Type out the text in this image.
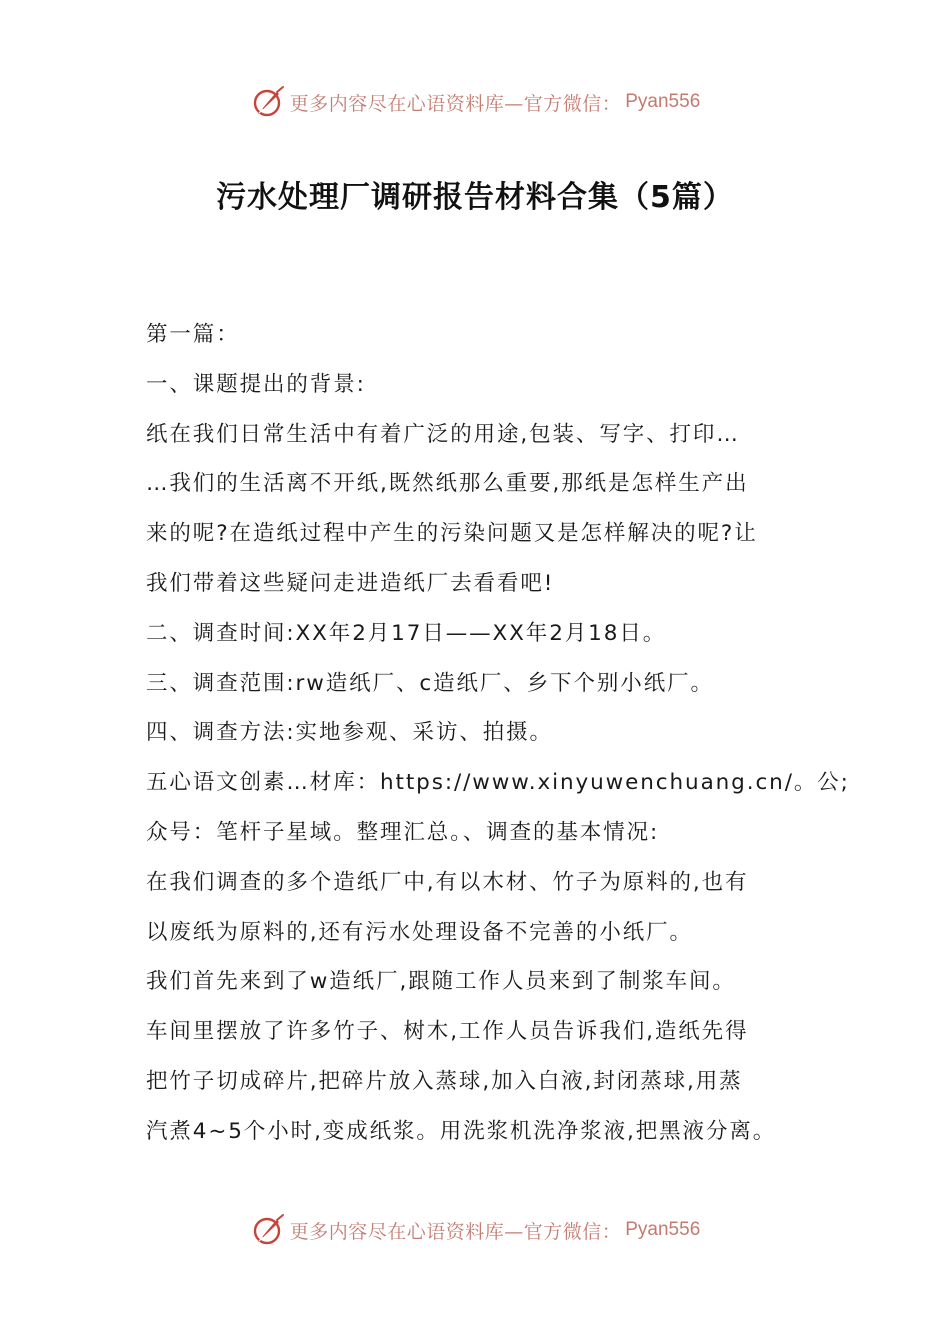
更多内容尽在心语资料库—官方微信： Pyan556
污水处理厂调研报告材料合集（5篇）
第一篇：
一、课题提出的背景:
纸在我们日常生活中有着广泛的用途,包装、写字、打印…
…我们的生活离不开纸,既然纸那么重要,那纸是怎样生产出
来的呢?在造纸过程中产生的污染问题又是怎样解决的呢?让
我们带着这些疑问走进造纸厂去看看吧!
二、调查时间:XX年2月17日——XX年2月18日。
三、调查范围:rw造纸厂、c造纸厂、乡下个别小纸厂。
四、调查方法:实地参观、采访、拍摄。
五心语文创素…材库：https://www.xinyuwenchuang.cn/。公;
众号：笔杆子星域。整理汇总。、调查的基本情况:
在我们调查的多个造纸厂中,有以木材、竹子为原料的,也有
以废纸为原料的,还有污水处理设备不完善的小纸厂。
我们首先来到了w造纸厂,跟随工作人员来到了制浆车间。
车间里摆放了许多竹子、树木,工作人员告诉我们,造纸先得
把竹子切成碎片,把碎片放入蒸球,加入白液,封闭蒸球,用蒸
汽煮4~5个小时,变成纸浆。用洗浆机洗净浆液,把黑液分离。
更多内容尽在心语资料库—官方微信： Pyan556
